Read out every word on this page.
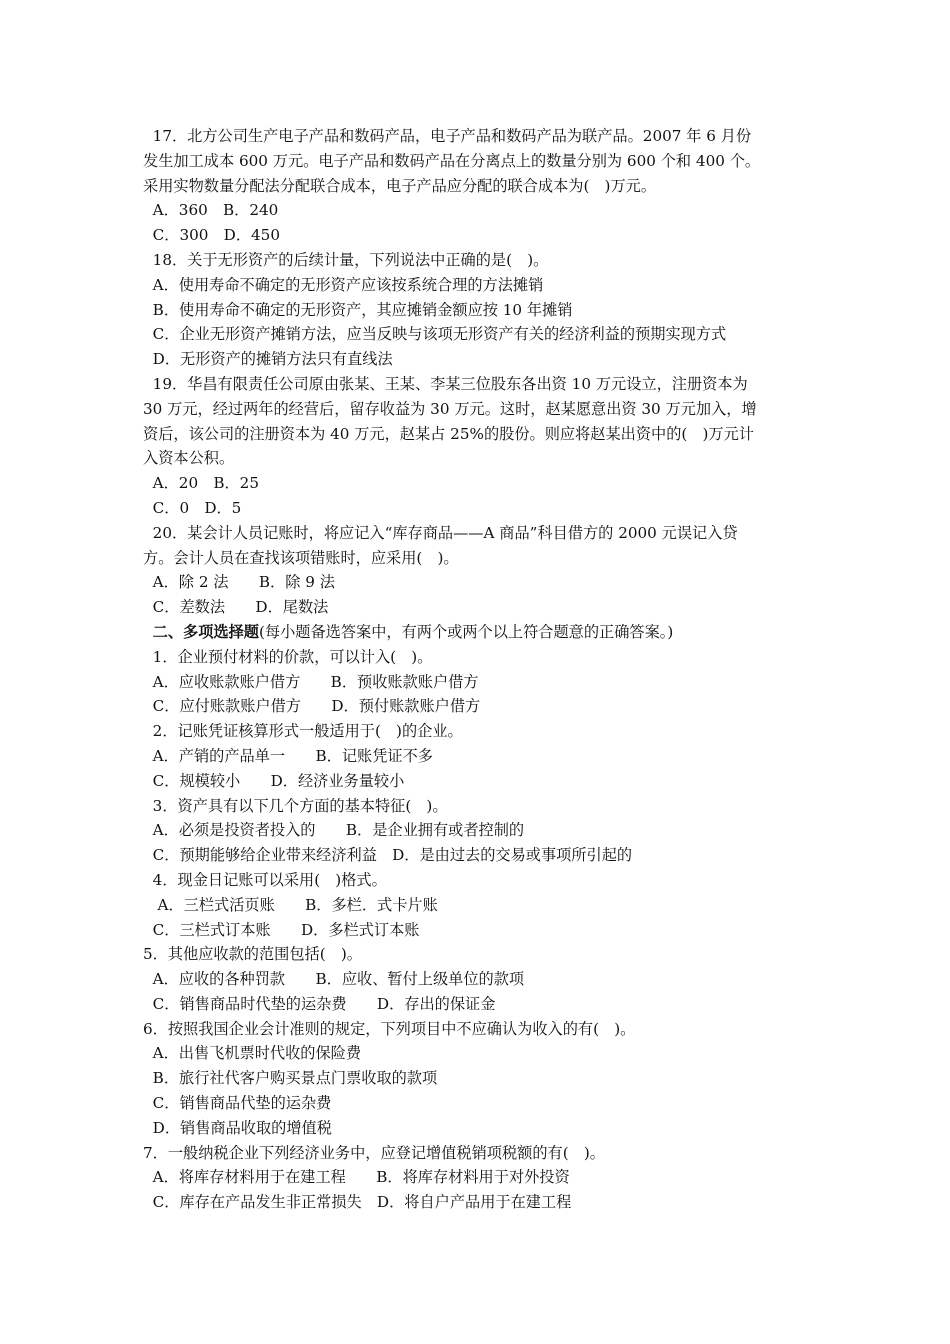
17．北方公司生产电子产品和数码产品，电子产品和数码产品为联产品。2007 年 6 月份
发生加工成本 600 万元。电子产品和数码产品在分离点上的数量分别为 600 个和 400 个。
采用实物数量分配法分配联合成本，电子产品应分配的联合成本为(　)万元。
A．360　B．240
C．300　D．450
18．关于无形资产的后续计量，下列说法中正确的是(　)。
A．使用寿命不确定的无形资产应该按系统合理的方法摊销
B．使用寿命不确定的无形资产，其应摊销金额应按 10 年摊销
C．企业无形资产摊销方法，应当反映与该项无形资产有关的经济利益的预期实现方式
D．无形资产的摊销方法只有直线法
19．华昌有限责任公司原由张某、王某、李某三位股东各出资 10 万元设立，注册资本为
30 万元，经过两年的经营后，留存收益为 30 万元。这时，赵某愿意出资 30 万元加入，增
资后，该公司的注册资本为 40 万元，赵某占 25%的股份。则应将赵某出资中的(　)万元计
入资本公积。
A．20　B．25
C．0　D．5
20．某会计人员记账时，将应记入“库存商品——A 商品”科目借方的 2000 元误记入贷
方。会计人员在查找该项错账时，应采用(　)。
A．除 2 法　　B．除 9 法
C．差数法　　D．尾数法
二、多项选择题(每小题备选答案中，有两个或两个以上符合题意的正确答案。)
1．企业预付材料的价款，可以计入(　)。
A．应收账款账户借方　　B．预收账款账户借方
C．应付账款账户借方　　D．预付账款账户借方
2．记账凭证核算形式一般适用于(　)的企业。
A．产销的产品单一　　B．记账凭证不多
C．规模较小　　D．经济业务量较小
3．资产具有以下几个方面的基本特征(　)。
A．必须是投资者投入的　　B．是企业拥有或者控制的
C．预期能够给企业带来经济利益　D．是由过去的交易或事项所引起的
4．现金日记账可以采用(　)格式。
A．三栏式活页账　　B．多栏．式卡片账
C．三栏式订本账　　D．多栏式订本账
5．其他应收款的范围包括(　)。
A．应收的各种罚款　　B．应收、暂付上级单位的款项
C．销售商品时代垫的运杂费　　D．存出的保证金
6．按照我国企业会计准则的规定，下列项目中不应确认为收入的有(　)。
A．出售飞机票时代收的保险费
B．旅行社代客户购买景点门票收取的款项
C．销售商品代垫的运杂费
D．销售商品收取的增值税
7．一般纳税企业下列经济业务中，应登记增值税销项税额的有(　)。
A．将库存材料用于在建工程　　B．将库存材料用于对外投资
C．库存在产品发生非正常损失　D．将自户产品用于在建工程
